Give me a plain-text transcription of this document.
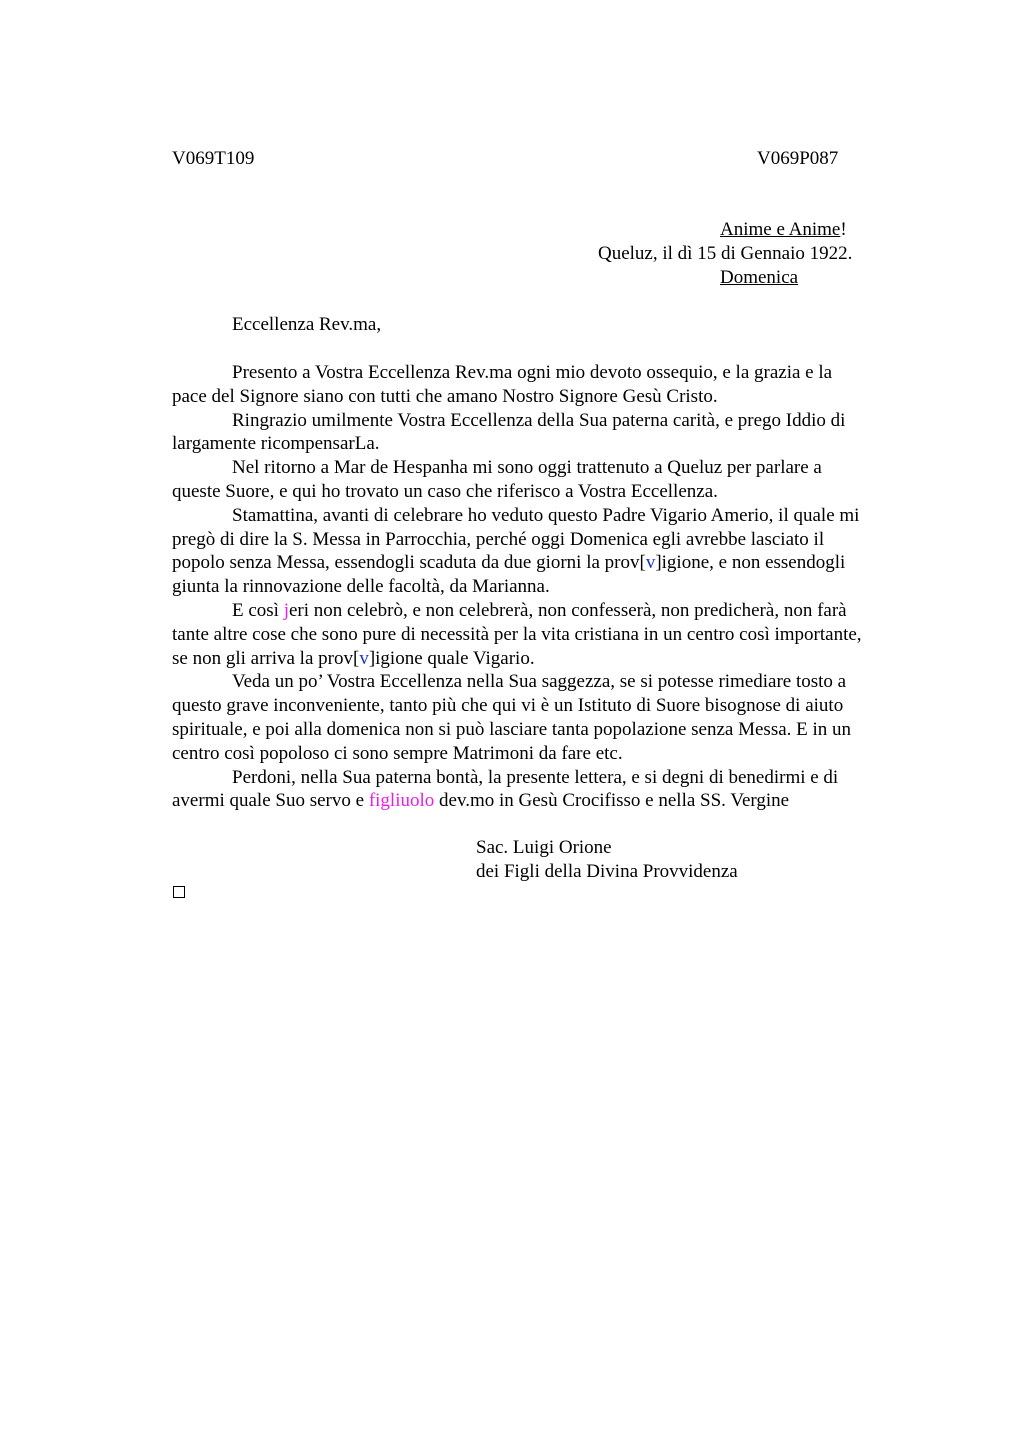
V069T109	V069P087
Anime e Anime!
Queluz, il dì 15 di Gennaio 1922.
Domenica
Eccellenza Rev.ma,

Presento a Vostra Eccellenza Rev.ma ogni mio devoto ossequio, e la grazia e la
pace del Signore siano con tutti che amano Nostro Signore Gesù Cristo.

Ringrazio umilmente Vostra Eccellenza della Sua paterna carità, e prego Iddio di
largamente ricompensarLa.

Nel ritorno a Mar de Hespanha mi sono oggi trattenuto a Queluz per parlare a
queste Suore, e qui ho trovato un caso che riferisco a Vostra Eccellenza.

Stamattina, avanti di celebrare ho veduto questo Padre Vigario Amerio, il quale mi
pregò di dire la S. Messa in Parrocchia, perché oggi Domenica egli avrebbe lasciato il
popolo senza Messa, essendogli scaduta da due giorni la prov[v]igione, e non essendogli
giunta la rinnovazione delle facoltà, da Marianna.

E così jeri non celebrò, e non celebrerà, non confesserà, non predicherà, non farà
tante altre cose che sono pure di necessità per la vita cristiana in un centro così importante,
se non gli arriva la prov[v]igione quale Vigario.

Veda un po’ Vostra Eccellenza nella Sua saggezza, se si potesse rimediare tosto a
questo grave inconveniente, tanto più che qui vi è un Istituto di Suore bisognose di aiuto
spirituale, e poi alla domenica non si può lasciare tanta popolazione senza Messa. E in un
centro così popoloso ci sono sempre Matrimoni da fare etc.

Perdoni, nella Sua paterna bontà, la presente lettera, e si degni di benedirmi e di
avermi quale Suo servo e figliuolo dev.mo in Gesù Crocifisso e nella SS. Vergine

Sac. Luigi Orione
dei Figli della Divina Provvidenza
